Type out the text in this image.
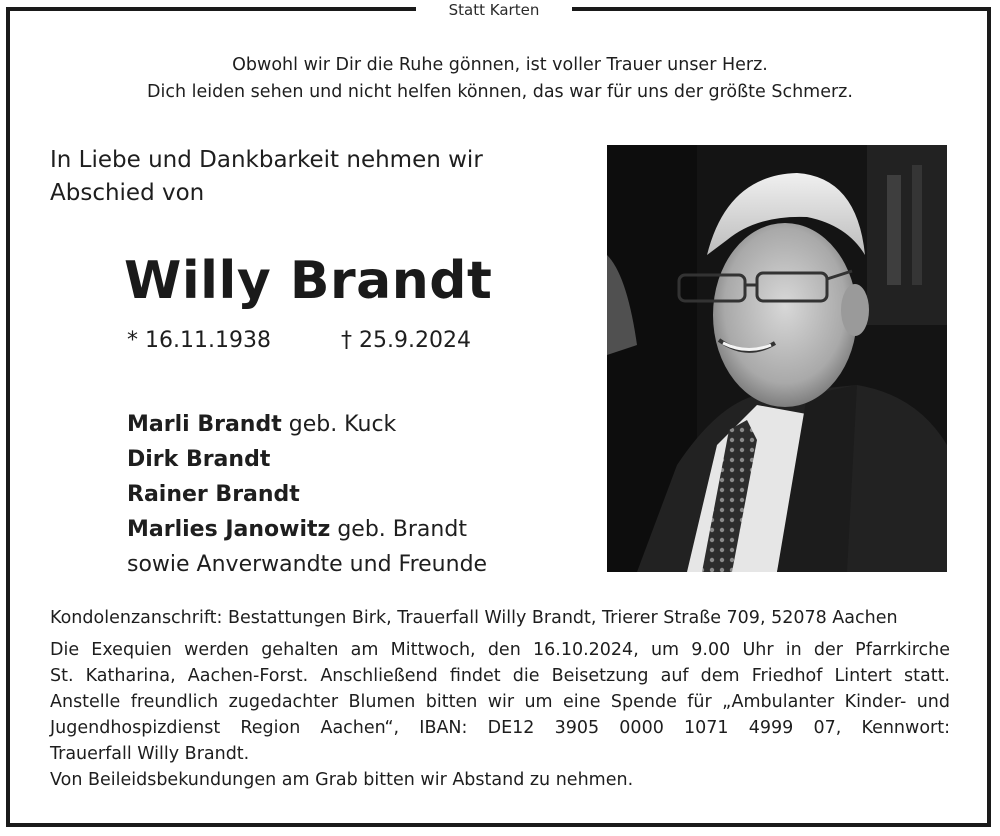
Statt Karten
Obwohl wir Dir die Ruhe gönnen, ist voller Trauer unser Herz.
Dich leiden sehen und nicht helfen können, das war für uns der größte Schmerz.
In Liebe und Dankbarkeit nehmen wir
Abschied von
Willy Brandt
* 16.11.1938	† 25.9.2024
Marli Brandt geb. Kuck
Dirk Brandt
Rainer Brandt
Marlies Janowitz geb. Brandt
sowie Anverwandte und Freunde

Kondolenzanschrift: Bestattungen Birk, Trauerfall Willy Brandt, Trierer Straße 709, 52078 Aachen

Die Exequien werden gehalten am Mittwoch, den 16.10.2024, um 9.00 Uhr in der Pfarrkirche

St. Katharina, Aachen-Forst. Anschließend findet die Beisetzung auf dem Friedhof Lintert statt.

Anstelle freundlich zugedachter Blumen bitten wir um eine Spende für „Ambulanter Kinder- und

Jugendhospizdienst Region Aachen“, IBAN: DE12 3905 0000 1071 4999 07, Kennwort:

Trauerfall Willy Brandt.

Von Beileidsbekundungen am Grab bitten wir Abstand zu nehmen.
